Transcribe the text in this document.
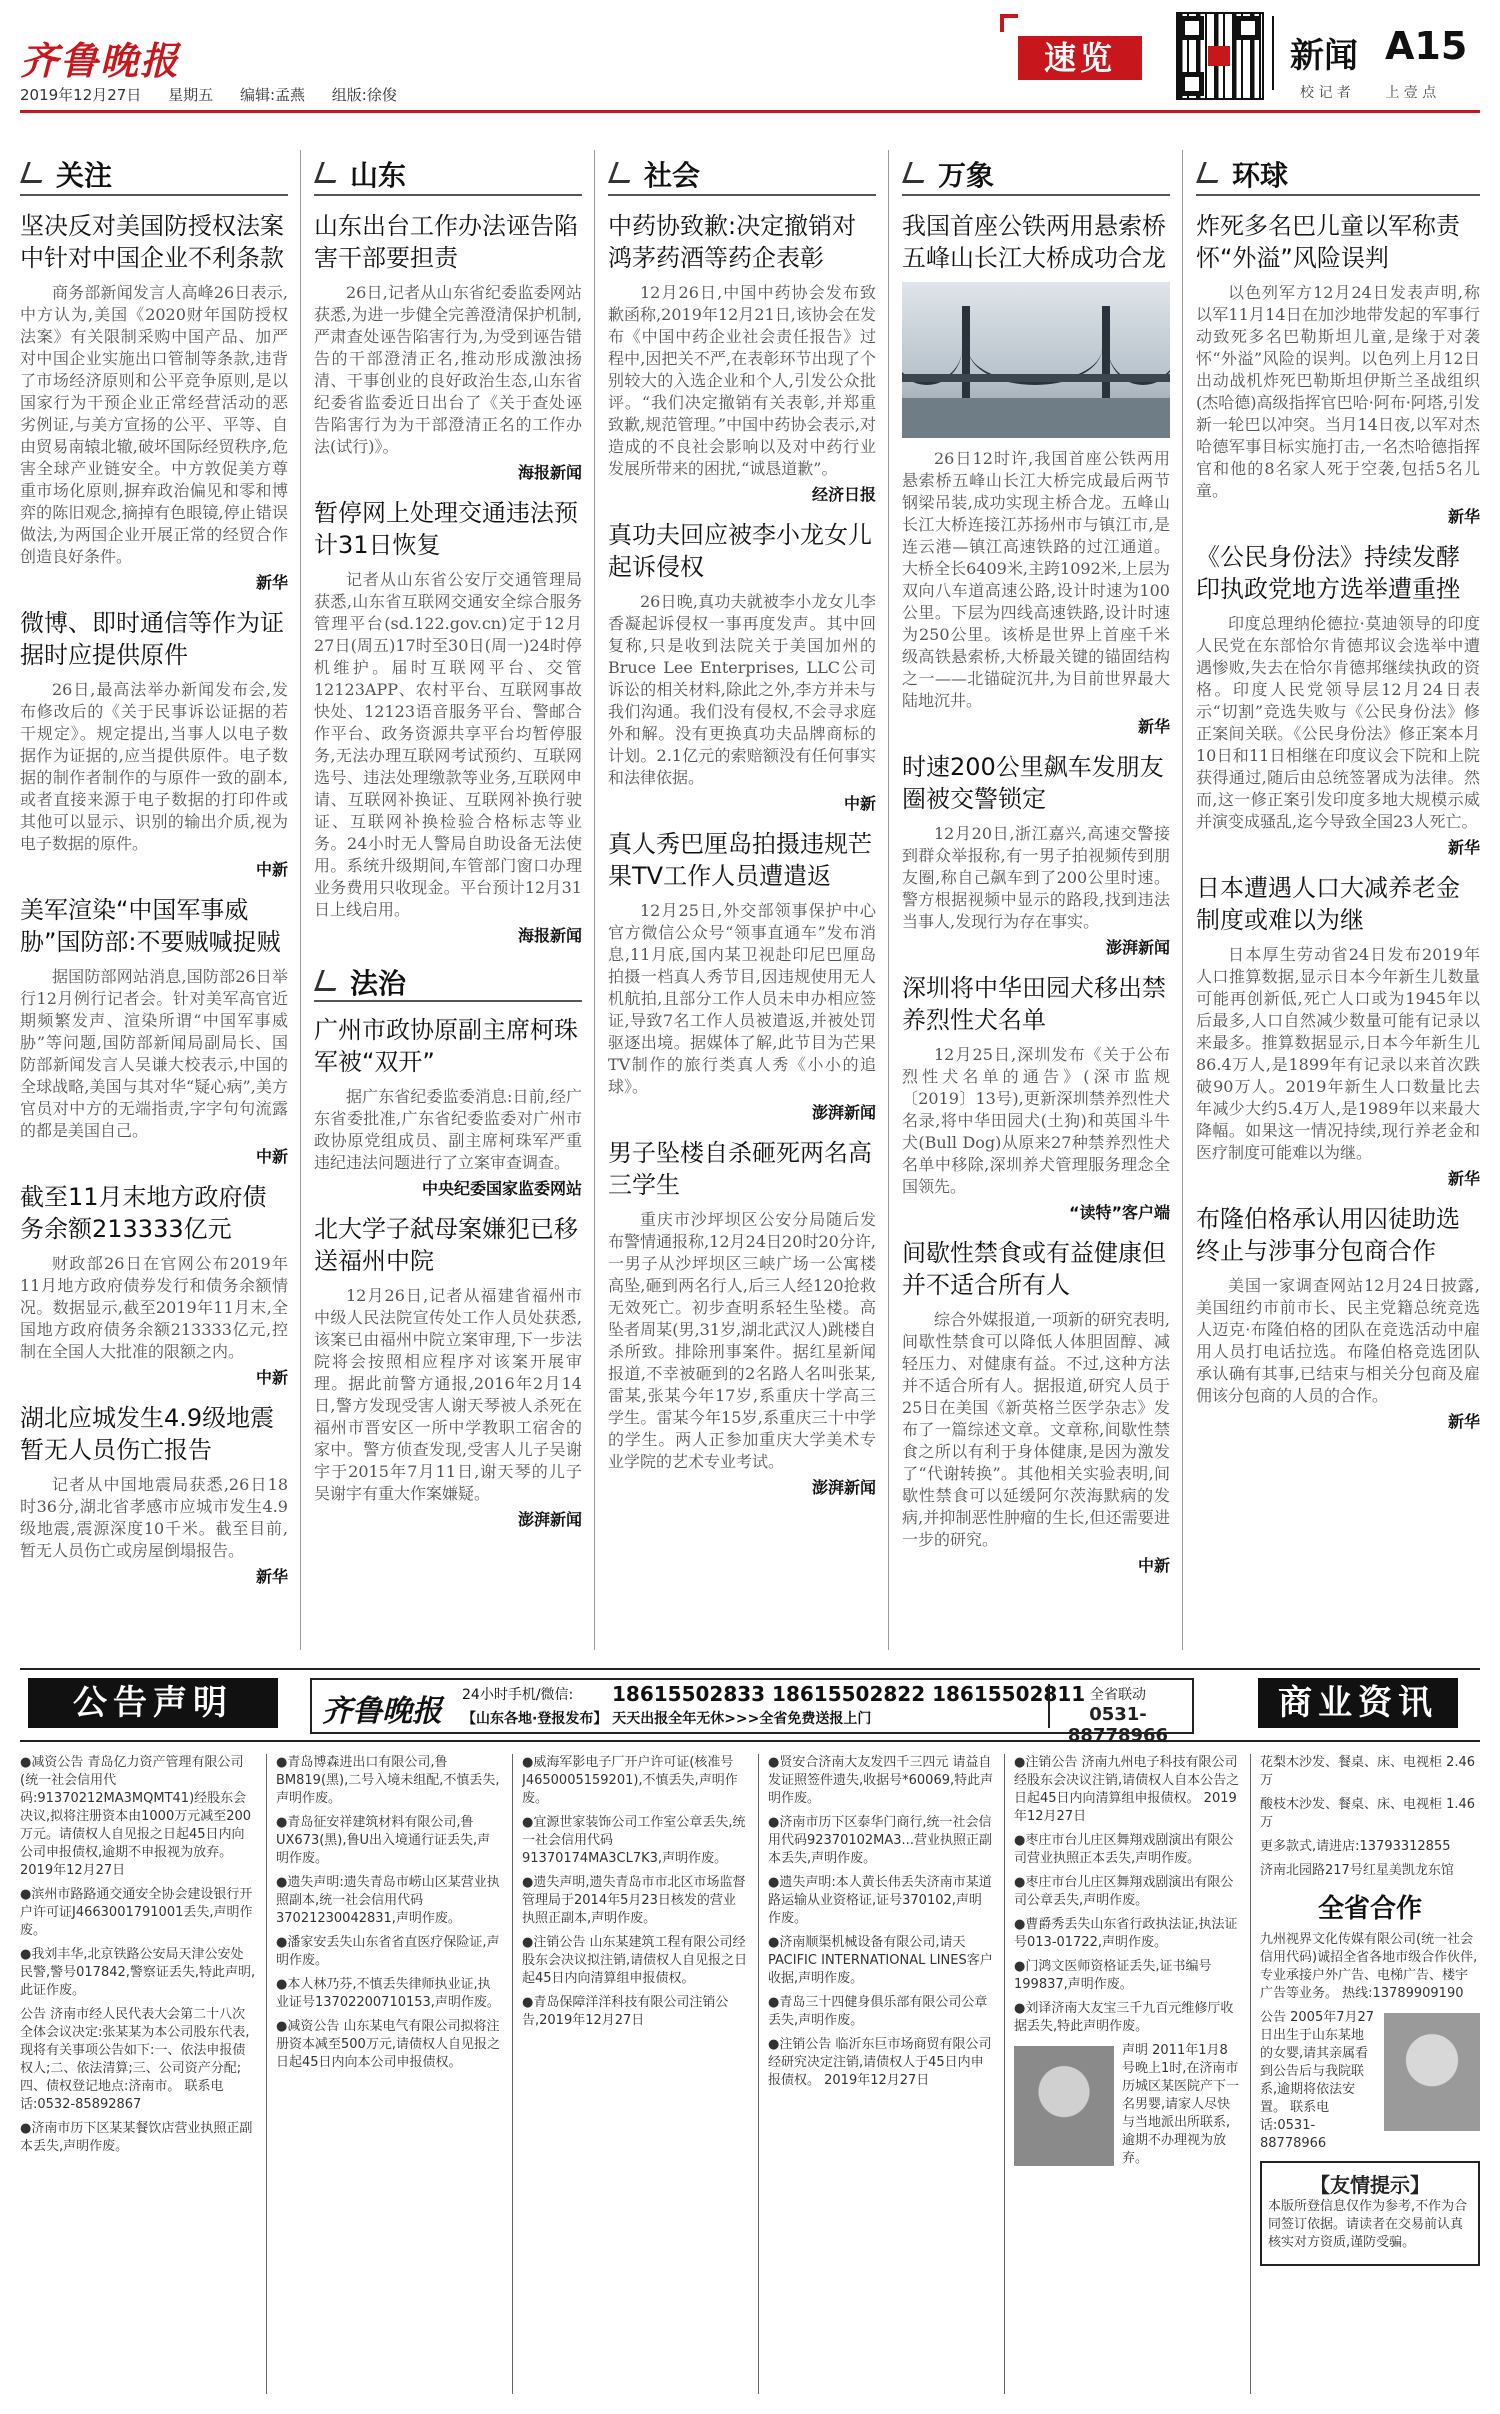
齐鲁晚报
2019年12月27日 星期五 编辑:孟燕 组版:徐俊
速览	新闻 A15
校 记 者 上 壹 点
关注
坚决反对美国防授权法案中针对中国企业不利条款

商务部新闻发言人高峰26日表示,中方认为,美国《2020财年国防授权法案》有关限制采购中国产品、加严对中国企业实施出口管制等条款,违背了市场经济原则和公平竞争原则,是以国家行为干预企业正常经营活动的恶劣例证,与美方宣扬的公平、平等、自由贸易南辕北辙,破坏国际经贸秩序,危害全球产业链安全。中方敦促美方尊重市场化原则,摒弃政治偏见和零和博弈的陈旧观念,摘掉有色眼镜,停止错误做法,为两国企业开展正常的经贸合作创造良好条件。

新华
微博、即时通信等作为证据时应提供原件

26日,最高法举办新闻发布会,发布修改后的《关于民事诉讼证据的若干规定》。规定提出,当事人以电子数据作为证据的,应当提供原件。电子数据的制作者制作的与原件一致的副本,或者直接来源于电子数据的打印件或其他可以显示、识别的输出介质,视为电子数据的原件。

中新
美军渲染“中国军事威胁”国防部:不要贼喊捉贼

据国防部网站消息,国防部26日举行12月例行记者会。针对美军高官近期频繁发声、渲染所谓“中国军事威胁”等问题,国防部新闻局副局长、国防部新闻发言人吴谦大校表示,中国的全球战略,美国与其对华“疑心病”,美方官员对中方的无端指责,字字句句流露的都是美国自己。

中新
截至11月末地方政府债务余额213333亿元

财政部26日在官网公布2019年11月地方政府债券发行和债务余额情况。数据显示,截至2019年11月末,全国地方政府债务余额213333亿元,控制在全国人大批准的限额之内。

中新
湖北应城发生4.9级地震暂无人员伤亡报告

记者从中国地震局获悉,26日18时36分,湖北省孝感市应城市发生4.9级地震,震源深度10千米。截至目前,暂无人员伤亡或房屋倒塌报告。

新华
山东
山东出台工作办法诬告陷害干部要担责

26日,记者从山东省纪委监委网站获悉,为进一步健全完善澄清保护机制,严肃查处诬告陷害行为,为受到诬告错告的干部澄清正名,推动形成激浊扬清、干事创业的良好政治生态,山东省纪委省监委近日出台了《关于查处诬告陷害行为为干部澄清正名的工作办法(试行)》。

海报新闻
暂停网上处理交通违法预计31日恢复

记者从山东省公安厅交通管理局获悉,山东省互联网交通安全综合服务管理平台(sd.122.gov.cn)定于12月27日(周五)17时至30日(周一)24时停机维护。届时互联网平台、交管12123APP、农村平台、互联网事故快处、12123语音服务平台、警邮合作平台、政务资源共享平台均暂停服务,无法办理互联网考试预约、互联网选号、违法处理缴款等业务,互联网申请、互联网补换证、互联网补换行驶证、互联网补换检验合格标志等业务。24小时无人警局自助设备无法使用。系统升级期间,车管部门窗口办理业务费用只收现金。平台预计12月31日上线启用。

海报新闻
法治
广州市政协原副主席柯珠军被“双开”

据广东省纪委监委消息:日前,经广东省委批准,广东省纪委监委对广州市政协原党组成员、副主席柯珠军严重违纪违法问题进行了立案审查调查。

中央纪委国家监委网站
北大学子弑母案嫌犯已移送福州中院

12月26日,记者从福建省福州市中级人民法院宣传处工作人员处获悉,该案已由福州中院立案审理,下一步法院将会按照相应程序对该案开展审理。据此前警方通报,2016年2月14日,警方发现受害人谢天琴被人杀死在福州市晋安区一所中学教职工宿舍的家中。警方侦查发现,受害人儿子吴谢宇于2015年7月11日,谢天琴的儿子吴谢宇有重大作案嫌疑。

澎湃新闻
社会
中药协致歉:决定撤销对鸿茅药酒等药企表彰

12月26日,中国中药协会发布致歉函称,2019年12月21日,该协会在发布《中国中药企业社会责任报告》过程中,因把关不严,在表彰环节出现了个别较大的入选企业和个人,引发公众批评。“我们决定撤销有关表彰,并郑重致歉,规范管理。”中国中药协会表示,对造成的不良社会影响以及对中药行业发展所带来的困扰,“诚恳道歉”。

经济日报
真功夫回应被李小龙女儿起诉侵权

26日晚,真功夫就被李小龙女儿李香凝起诉侵权一事再度发声。其中回复称,只是收到法院关于美国加州的Bruce Lee Enterprises, LLC公司诉讼的相关材料,除此之外,李方并未与我们沟通。我们没有侵权,不会寻求庭外和解。没有更换真功夫品牌商标的计划。2.1亿元的索赔额没有任何事实和法律依据。

中新
真人秀巴厘岛拍摄违规芒果TV工作人员遭遣返

12月25日,外交部领事保护中心官方微信公众号“领事直通车”发布消息,11月底,国内某卫视赴印尼巴厘岛拍摄一档真人秀节目,因违规使用无人机航拍,且部分工作人员未申办相应签证,导致7名工作人员被遣返,并被处罚驱逐出境。据媒体了解,此节目为芒果TV制作的旅行类真人秀《小小的追球》。

澎湃新闻
男子坠楼自杀砸死两名高三学生

重庆市沙坪坝区公安分局随后发布警情通报称,12月24日20时20分许,一男子从沙坪坝区三峡广场一公寓楼高坠,砸到两名行人,后三人经120抢救无效死亡。初步查明系轻生坠楼。高坠者周某(男,31岁,湖北武汉人)跳楼自杀所致。排除刑事案件。据红星新闻报道,不幸被砸到的2名路人名叫张某,雷某,张某今年17岁,系重庆十学高三学生。雷某今年15岁,系重庆三十中学的学生。两人正参加重庆大学美术专业学院的艺术专业考试。

澎湃新闻
万象
我国首座公铁两用悬索桥五峰山长江大桥成功合龙

26日12时许,我国首座公铁两用悬索桥五峰山长江大桥完成最后两节钢梁吊装,成功实现主桥合龙。五峰山长江大桥连接江苏扬州市与镇江市,是连云港—镇江高速铁路的过江通道。大桥全长6409米,主跨1092米,上层为双向八车道高速公路,设计时速为100公里。下层为四线高速铁路,设计时速为250公里。该桥是世界上首座千米级高铁悬索桥,大桥最关键的锚固结构之一——北锚碇沉井,为目前世界最大陆地沉井。

新华
时速200公里飙车发朋友圈被交警锁定

12月20日,浙江嘉兴,高速交警接到群众举报称,有一男子拍视频传到朋友圈,称自己飙车到了200公里时速。警方根据视频中显示的路段,找到违法当事人,发现行为存在事实。

澎湃新闻
深圳将中华田园犬移出禁养烈性犬名单

12月25日,深圳发布《关于公布烈性犬名单的通告》(深市监规〔2019〕13号),更新深圳禁养烈性犬名录,将中华田园犬(土狗)和英国斗牛犬(Bull Dog)从原来27种禁养烈性犬名单中移除,深圳养犬管理服务理念全国领先。

“读特”客户端
间歇性禁食或有益健康但并不适合所有人

综合外媒报道,一项新的研究表明,间歇性禁食可以降低人体胆固醇、减轻压力、对健康有益。不过,这种方法并不适合所有人。据报道,研究人员于25日在美国《新英格兰医学杂志》发布了一篇综述文章。文章称,间歇性禁食之所以有利于身体健康,是因为激发了“代谢转换”。其他相关实验表明,间歇性禁食可以延缓阿尔茨海默病的发病,并抑制恶性肿瘤的生长,但还需要进一步的研究。

中新
环球
炸死多名巴儿童以军称责怀“外溢”风险误判

以色列军方12月24日发表声明,称以军11月14日在加沙地带发起的军事行动致死多名巴勒斯坦儿童,是缘于对袭怀“外溢”风险的误判。以色列上月12日出动战机炸死巴勒斯坦伊斯兰圣战组织(杰哈德)高级指挥官巴哈·阿布·阿塔,引发新一轮巴以冲突。当月14日夜,以军对杰哈德军事目标实施打击,一名杰哈德指挥官和他的8名家人死于空袭,包括5名儿童。

新华
《公民身份法》持续发酵印执政党地方选举遭重挫

印度总理纳伦德拉·莫迪领导的印度人民党在东部恰尔肯德邦议会选举中遭遇惨败,失去在恰尔肯德邦继续执政的资格。印度人民党领导层12月24日表示“切割”竞选失败与《公民身份法》修正案间关联。《公民身份法》修正案本月10日和11日相继在印度议会下院和上院获得通过,随后由总统签署成为法律。然而,这一修正案引发印度多地大规模示威并演变成骚乱,迄今导致全国23人死亡。

新华
日本遭遇人口大减养老金制度或难以为继

日本厚生劳动省24日发布2019年人口推算数据,显示日本今年新生儿数量可能再创新低,死亡人口或为1945年以后最多,人口自然减少数量可能有记录以来最多。推算数据显示,日本今年新生儿86.4万人,是1899年有记录以来首次跌破90万人。2019年新生人口数量比去年减少大约5.4万人,是1989年以来最大降幅。如果这一情况持续,现行养老金和医疗制度可能难以为继。

新华
布隆伯格承认用囚徒助选终止与涉事分包商合作

美国一家调查网站12月24日披露,美国纽约市前市长、民主党籍总统竞选人迈克·布隆伯格的团队在竞选活动中雇用人员打电话拉选。布隆伯格竞选团队承认确有其事,已结束与相关分包商及雇佣该分包商的人员的合作。

新华
公告声明	齐鲁晚报 24小时手机/微信: 18615502833 18615502822 18615502811
【山东各地·登报发布】 天天出报全年无休>>>全省免费送报上门
全省联动
0531-88778966
商业资讯

●减资公告 青岛亿力资产管理有限公司(统一社会信用代码:91370212MA3MQMT41)经股东会决议,拟将注册资本由1000万元减至200万元。请债权人自见报之日起45日内向公司申报债权,逾期不申报视为放弃。 2019年12月27日

●滨州市路路通交通安全协会建设银行开户许可证J4663001791001丢失,声明作废。

●我刘丰华,北京铁路公安局天津公安处民警,警号017842,警察证丢失,特此声明,此证作废。

公告 济南市经人民代表大会第二十八次全体会议决定:张某某为本公司股东代表,现将有关事项公告如下:一、依法申报债权人;二、依法清算;三、公司资产分配;四、债权登记地点:济南市。 联系电话:0532-85892867

●济南市历下区某某餐饮店营业执照正副本丢失,声明作废。

●青岛博森进出口有限公司,鲁BM819(黑),二号入境未组配,不慎丢失,声明作废。

●青岛征安祥建筑材料有限公司,鲁UX673(黑),鲁U出入境通行证丢失,声明作废。

●遗失声明:遗失青岛市崂山区某营业执照副本,统一社会信用代码37021230042831,声明作废。

●潘家安丢失山东省省直医疗保险证,声明作废。

●本人林乃芬,不慎丢失律师执业证,执业证号13702200710153,声明作废。

●减资公告 山东某电气有限公司拟将注册资本减至500万元,请债权人自见报之日起45日内向本公司申报债权。

●威海军影电子厂开户许可证(核准号J4650005159201),不慎丢失,声明作废。

●宜源世家装饰公司工作室公章丢失,统一社会信用代码91370174MA3CL7K3,声明作废。

●遗失声明,遗失青岛市市北区市场监督管理局于2014年5月23日核发的营业执照正副本,声明作废。

●注销公告 山东某建筑工程有限公司经股东会决议拟注销,请债权人自见报之日起45日内向清算组申报债权。

●青岛保障洋洋科技有限公司注销公告,2019年12月27日

●贤安合济南大友发四千三四元 请益自发证照签件遗失,收据号*60069,特此声明作废。

●济南市历下区泰华门商行,统一社会信用代码92370102MA3...营业执照正副本丢失,声明作废。

●遗失声明:本人黄长伟丢失济南市某道路运输从业资格证,证号370102,声明作废。

●济南顺渠机械设备有限公司,请天PACIFIC INTERNATIONAL LINES客户收据,声明作废。

●青岛三十四健身俱乐部有限公司公章丢失,声明作废。

●注销公告 临沂东巨市场商贸有限公司经研究决定注销,请债权人于45日内申报债权。 2019年12月27日

●注销公告 济南九州电子科技有限公司经股东会决议注销,请债权人自本公告之日起45日内向清算组申报债权。 2019年12月27日

●枣庄市台儿庄区舞翔戏剧演出有限公司营业执照正本丢失,声明作废。

●枣庄市台儿庄区舞翔戏剧演出有限公司公章丢失,声明作废。

●曹爵秀丢失山东省行政执法证,执法证号013-01722,声明作废。

●门鸿文医师资格证丢失,证书编号199837,声明作废。

●刘译济南大友宝三千九百元维修厅收据丢失,特此声明作废。

声明 2011年1月8号晚上1时,在济南市历城区某医院产下一名男婴,请家人尽快与当地派出所联系,逾期不办理视为放弃。

花梨木沙发、餐桌、床、电视柜 2.46万

酸枝木沙发、餐桌、床、电视柜 1.46万

更多款式,请进店:13793312855

济南北园路217号红星美凯龙东馆

全省合作

九州视界文化传媒有限公司(统一社会信用代码)诚招全省各地市级合作伙伴,专业承接户外广告、电梯广告、楼宇广告等业务。 热线:13789909190

公告 2005年7月27日出生于山东某地的女婴,请其亲属看到公告后与我院联系,逾期将依法安置。 联系电话:0531-88778966

【友情提示】

本版所登信息仅作为参考,不作为合同签订依据。请读者在交易前认真核实对方资质,谨防受骗。
